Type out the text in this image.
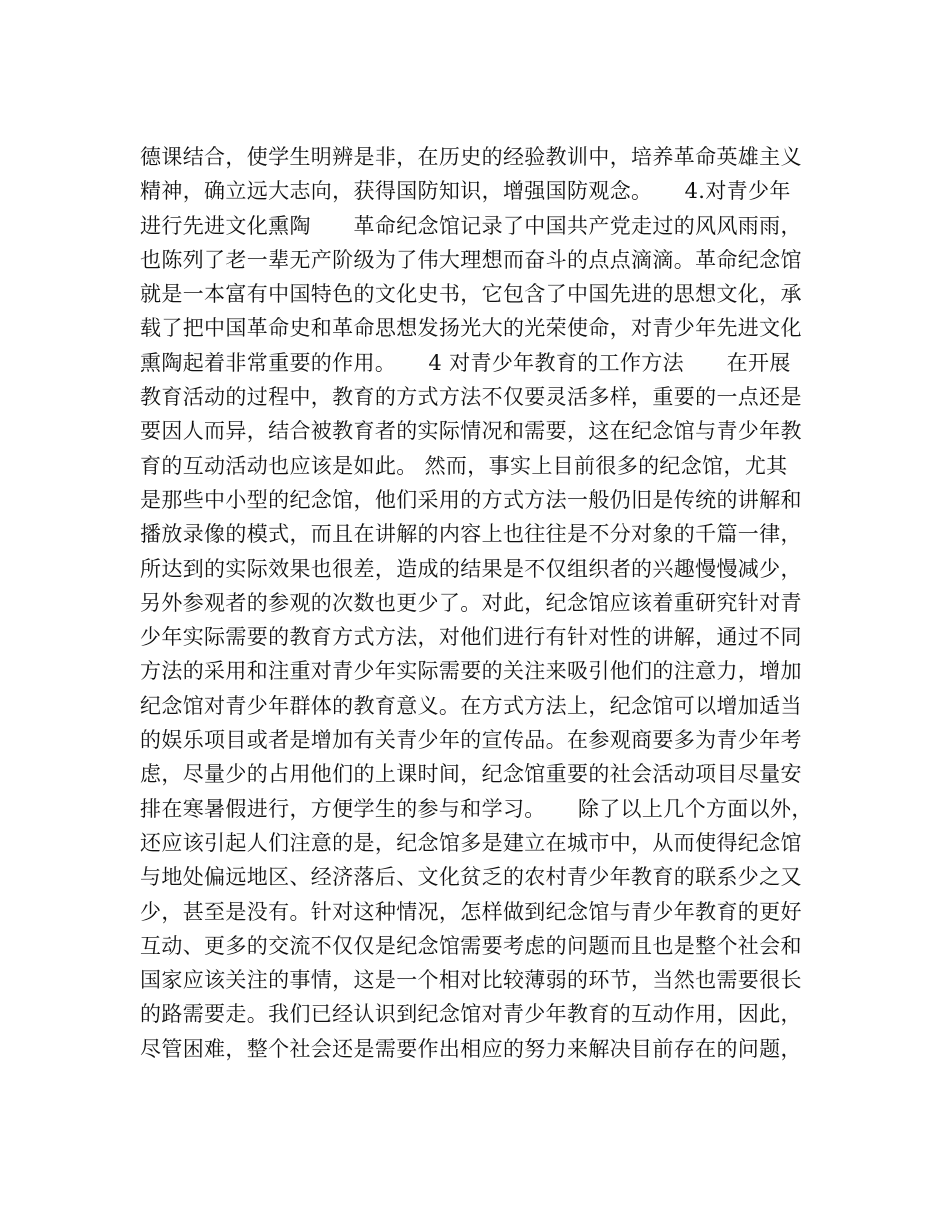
德课结合，使学生明辨是非，在历史的经验教训中，培养革命英雄主义
精神，确立远大志向，获得国防知识，增强国防观念。　　4.对青少年
进行先进文化熏陶　　革命纪念馆记录了中国共产党走过的风风雨雨，
也陈列了老一辈无产阶级为了伟大理想而奋斗的点点滴滴。革命纪念馆
就是一本富有中国特色的文化史书，它包含了中国先进的思想文化，承
载了把中国革命史和革命思想发扬光大的光荣使命，对青少年先进文化
熏陶起着非常重要的作用。　　4 对青少年教育的工作方法　　在开展
教育活动的过程中，教育的方式方法不仅要灵活多样，重要的一点还是
要因人而异，结合被教育者的实际情况和需要，这在纪念馆与青少年教
育的互动活动也应该是如此。 然而，事实上目前很多的纪念馆，尤其
是那些中小型的纪念馆，他们采用的方式方法一般仍旧是传统的讲解和
播放录像的模式，而且在讲解的内容上也往往是不分对象的千篇一律，
所达到的实际效果也很差，造成的结果是不仅组织者的兴趣慢慢减少，
另外参观者的参观的次数也更少了。对此，纪念馆应该着重研究针对青
少年实际需要的教育方式方法，对他们进行有针对性的讲解，通过不同
方法的采用和注重对青少年实际需要的关注来吸引他们的注意力，增加
纪念馆对青少年群体的教育意义。在方式方法上，纪念馆可以增加适当
的娱乐项目或者是增加有关青少年的宣传品。在参观商要多为青少年考
虑，尽量少的占用他们的上课时间，纪念馆重要的社会活动项目尽量安
排在寒暑假进行，方便学生的参与和学习。　　除了以上几个方面以外，
还应该引起人们注意的是，纪念馆多是建立在城市中，从而使得纪念馆
与地处偏远地区、经济落后、文化贫乏的农村青少年教育的联系少之又
少，甚至是没有。针对这种情况，怎样做到纪念馆与青少年教育的更好
互动、更多的交流不仅仅是纪念馆需要考虑的问题而且也是整个社会和
国家应该关注的事情，这是一个相对比较薄弱的环节，当然也需要很长
的路需要走。我们已经认识到纪念馆对青少年教育的互动作用，因此，
尽管困难，整个社会还是需要作出相应的努力来解决目前存在的问题，
